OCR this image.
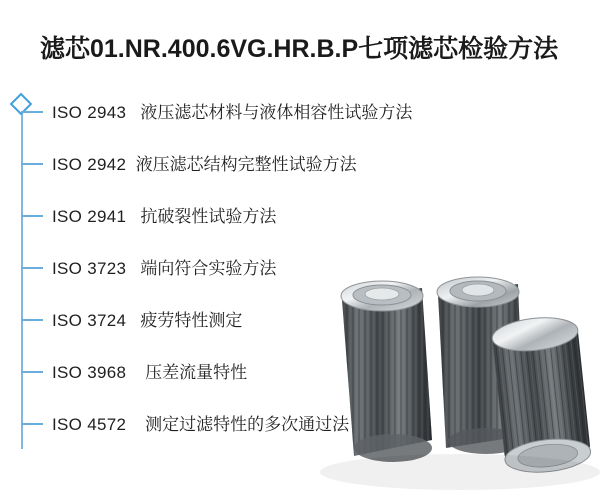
滤芯01.NR.400.6VG.HR.B.P七项滤芯检验方法
ISO 2943 液压滤芯材料与液体相容性试验方法
ISO 2942 液压滤芯结构完整性试验方法
ISO 2941 抗破裂性试验方法
ISO 3723 端向符合实验方法
ISO 3724 疲劳特性测定
ISO 3968 压差流量特性
ISO 4572 测定过滤特性的多次通过法
